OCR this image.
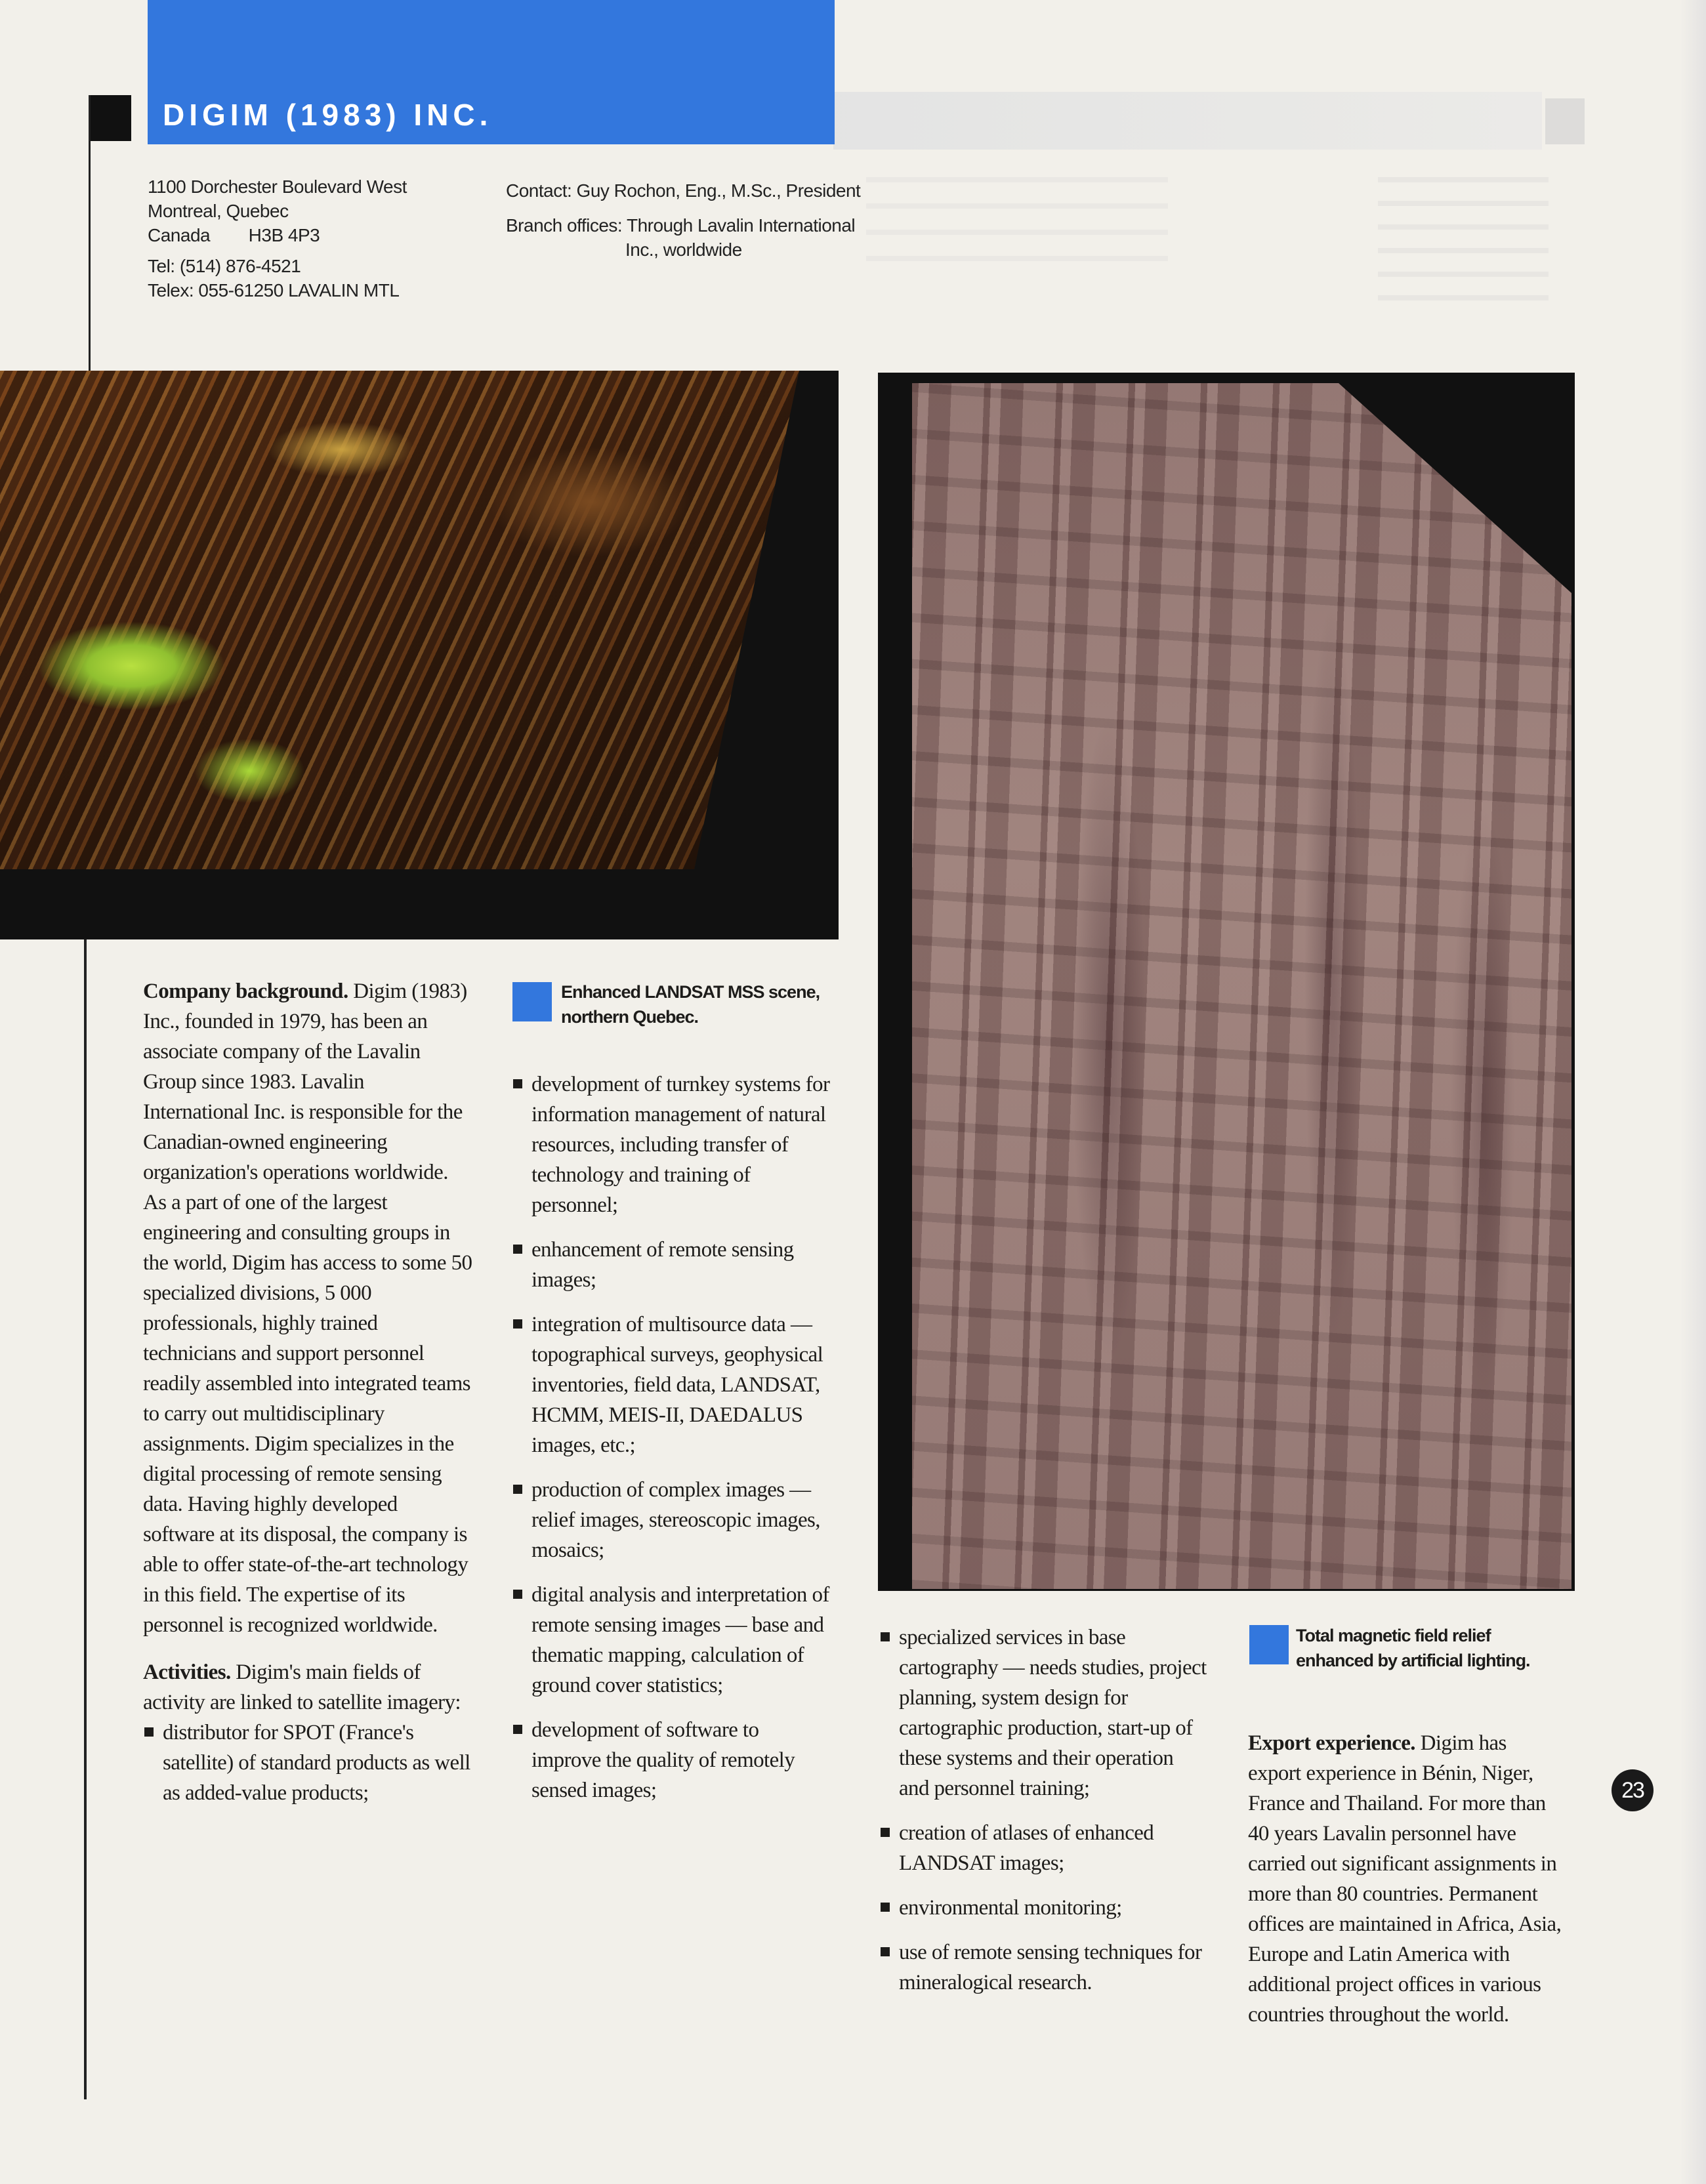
DIGIM (1983) INC.
1100 Dorchester Boulevard West
Montreal, Quebec
Canada H3B 4P3
Tel: (514) 876-4521
Telex: 055-61250 LAVALIN MTL
Contact: Guy Rochon, Eng., M.Sc., President
Branch offices: Through Lavalin International
Inc., worldwide
Enhanced LANDSAT MSS scene,
northern Quebec.
Total magnetic field relief
enhanced by artificial lighting.

Company background. Digim (1983) Inc., founded in 1979, has been an associate company of the Lavalin Group since 1983. Lavalin International Inc. is responsible for the Canadian-owned engineering organization's operations worldwide. As a part of one of the largest engineering and consulting groups in the world, Digim has access to some 50 specialized divisions, 5 000 professionals, highly trained technicians and support personnel readily assembled into integrated teams to carry out multidisciplinary assignments. Digim specializes in the digital processing of remote sensing data. Having highly developed software at its disposal, the company is able to offer state-of-the-art technology in this field. The expertise of its personnel is recognized worldwide.

Activities. Digim's main fields of activity are linked to satellite imagery:

distributor for SPOT (France's satellite) of standard products as well as added-value products;
development of turnkey systems for information management of natural resources, including transfer of technology and training of personnel;
enhancement of remote sensing images;
integration of multisource data — topographical surveys, geophysical inventories, field data, LANDSAT, HCMM, MEIS-II, DAEDALUS images, etc.;
production of complex images — relief images, stereoscopic images, mosaics;
digital analysis and interpretation of remote sensing images — base and thematic mapping, calculation of ground cover statistics;
development of software to improve the quality of remotely sensed images;
specialized services in base cartography — needs studies, project planning, system design for cartographic production, start-up of these systems and their operation and personnel training;
creation of atlases of enhanced LANDSAT images;
environmental monitoring;
use of remote sensing techniques for mineralogical research.

Export experience. Digim has export experience in Bénin, Niger, France and Thailand. For more than 40 years Lavalin personnel have carried out significant assignments in more than 80 countries. Permanent offices are maintained in Africa, Asia, Europe and Latin America with additional project offices in various countries throughout the world.

23
